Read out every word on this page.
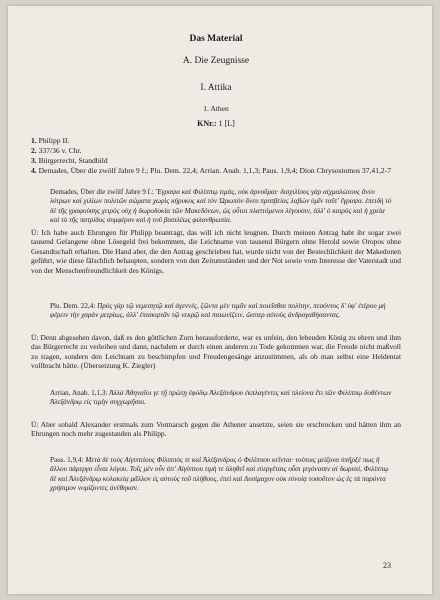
Das Material
A. Die Zeugnisse
I. Attika
1. Athen
KNr.: 1 [L]
1. Philipp II.
2. 337/36 v. Chr.
3. Bürgerrecht, Standbild
4. Demades, Über die zwölf Jahre 9 f.; Plu. Dem. 22,4; Arrian. Anab. 1,1,3; Paus. 1,9,4; Dion Chrysostomos 37,41,2-7
Demades, Über die zwölf Jahre 9 f.: Ἔγραψα καὶ Φιλίππῳ τιμάς, οὐκ ἀρνοῦμαι· δισχιλίους γὰρ αἰχμαλώτους ἄνευ λύτρων καὶ χιλίων πολιτῶν σώματα χωρὶς κήρυκος καὶ τὸν Ὠρωπὸν ἄνευ πρεσβείας λαβὼν ὑμῖν ταῦτ' ἔγραψα. ἐπειδὴ τὸ δὲ τῆς γραφούσης χειρὸς οὐχ ἡ δωροδοκία τῶν Μακεδόνων, ὡς οὗτοι πλαττόμενοι λέγουσιν, ἀλλ' ὁ καιρὸς καὶ ἡ χρεία καὶ τὸ τῆς πατρίδος συμφέρον καὶ ἡ τοῦ βασιλέως φιλανθρωπία.
Ü: Ich habe auch Ehrungen für Philipp beantragt, das will ich nicht leugnen. Durch meinen Antrag habt ihr sogar zwei tausend Gefangene ohne Lösegeld frei bekommen, die Leichname von tausend Bürgern ohne Herold sowie Oropos ohne Gesandtschaft erhalten. Die Hand aber, die den Antrag geschrieben hat, wurde nicht von der Bestechlichkeit der Makedonen geführt, wie diese fälschlich behaupten, sondern von den Zeitumständen und der Not sowie vom Interesse der Vaterstadt und von der Menschenfreundlichkeit des Königs.
Plu. Dem. 22,4: Πρὸς γὰρ τῷ νεμεσητῷ καὶ ἀγεννές, ζῶντα μὲν τιμᾶν καὶ ποιεῖσθαι πολίτην, πεσόντος δ' ὑφ' ἑτέρου μὴ φέρειν τὴν χαρὰν μετρίως, ἀλλ' ἐπισκιρτᾶν τῷ νεκρῷ καὶ παιωνίζειν, ὥσπερ αὐτοὺς ἀνδραγαθήσαντας.
Ü: Denn abgesehen davon, daß es den göttlichen Zorn herausforderte, war es unfein, den lebenden König zu ehren und ihm das Bürgerrecht zu verleihen und dann, nachdem er durch einen anderen zu Tode gekommen war, die Freude nicht maßvoll zu tragen, sondern den Leichnam zu beschimpfen und Freudengesänge anzustimmen, als ob man selbst eine Heldentat vollbracht hätte. (Übersetzung K. Ziegler)
Arrian, Anab. 1,1,3: Ἀλλὰ Ἀθηναῖοι γε τῇ πρώτῃ ἐφόδῳ Ἀλεξάνδρου ἐκπλαγέντες καὶ πλείονα ἔτι τῶν Φιλίππῳ δοθέντων Ἀλεξάνδρῳ εἰς τιμὴν συγχωρῆσαι.
Ü: Aber sobald Alexander erstmals zum Vormarsch gegen die Athener ansetzte, seien sie erschrocken und hätten ihm an Ehrungen noch mehr zugestanden als Philipp.
Paus. 1,9,4: Μετὰ δὲ τοὺς Αἰγυπτίους Φίλιππός τε καὶ Ἀλέξανδρος ὁ Φιλίππου κεῖνται· τούτοις μείζονα ὑπῆρξέ πως ἢ ἄλλου πάρεργα εἶναι λόγου. Τοῖς μὲν οὖν ἀπ' Αἰγύπτου τιμὴ τε ἀληθεῖ καὶ εὐεργέταις οὖσι γεγόνασιν αἱ δωρεαί, Φιλίππῳ δὲ καὶ Ἀλεξάνδρῳ κολακείᾳ μᾶλλον ἐς αὐτοὺς τοῦ πλήθους, ἐπεὶ καὶ Λυσίμαχον οὐκ εὐνοίᾳ τοσοῦτον ὡς ἐς τὰ παρόντα χρήσιμον νομίζοντες ἀνέθηκαν.
23
